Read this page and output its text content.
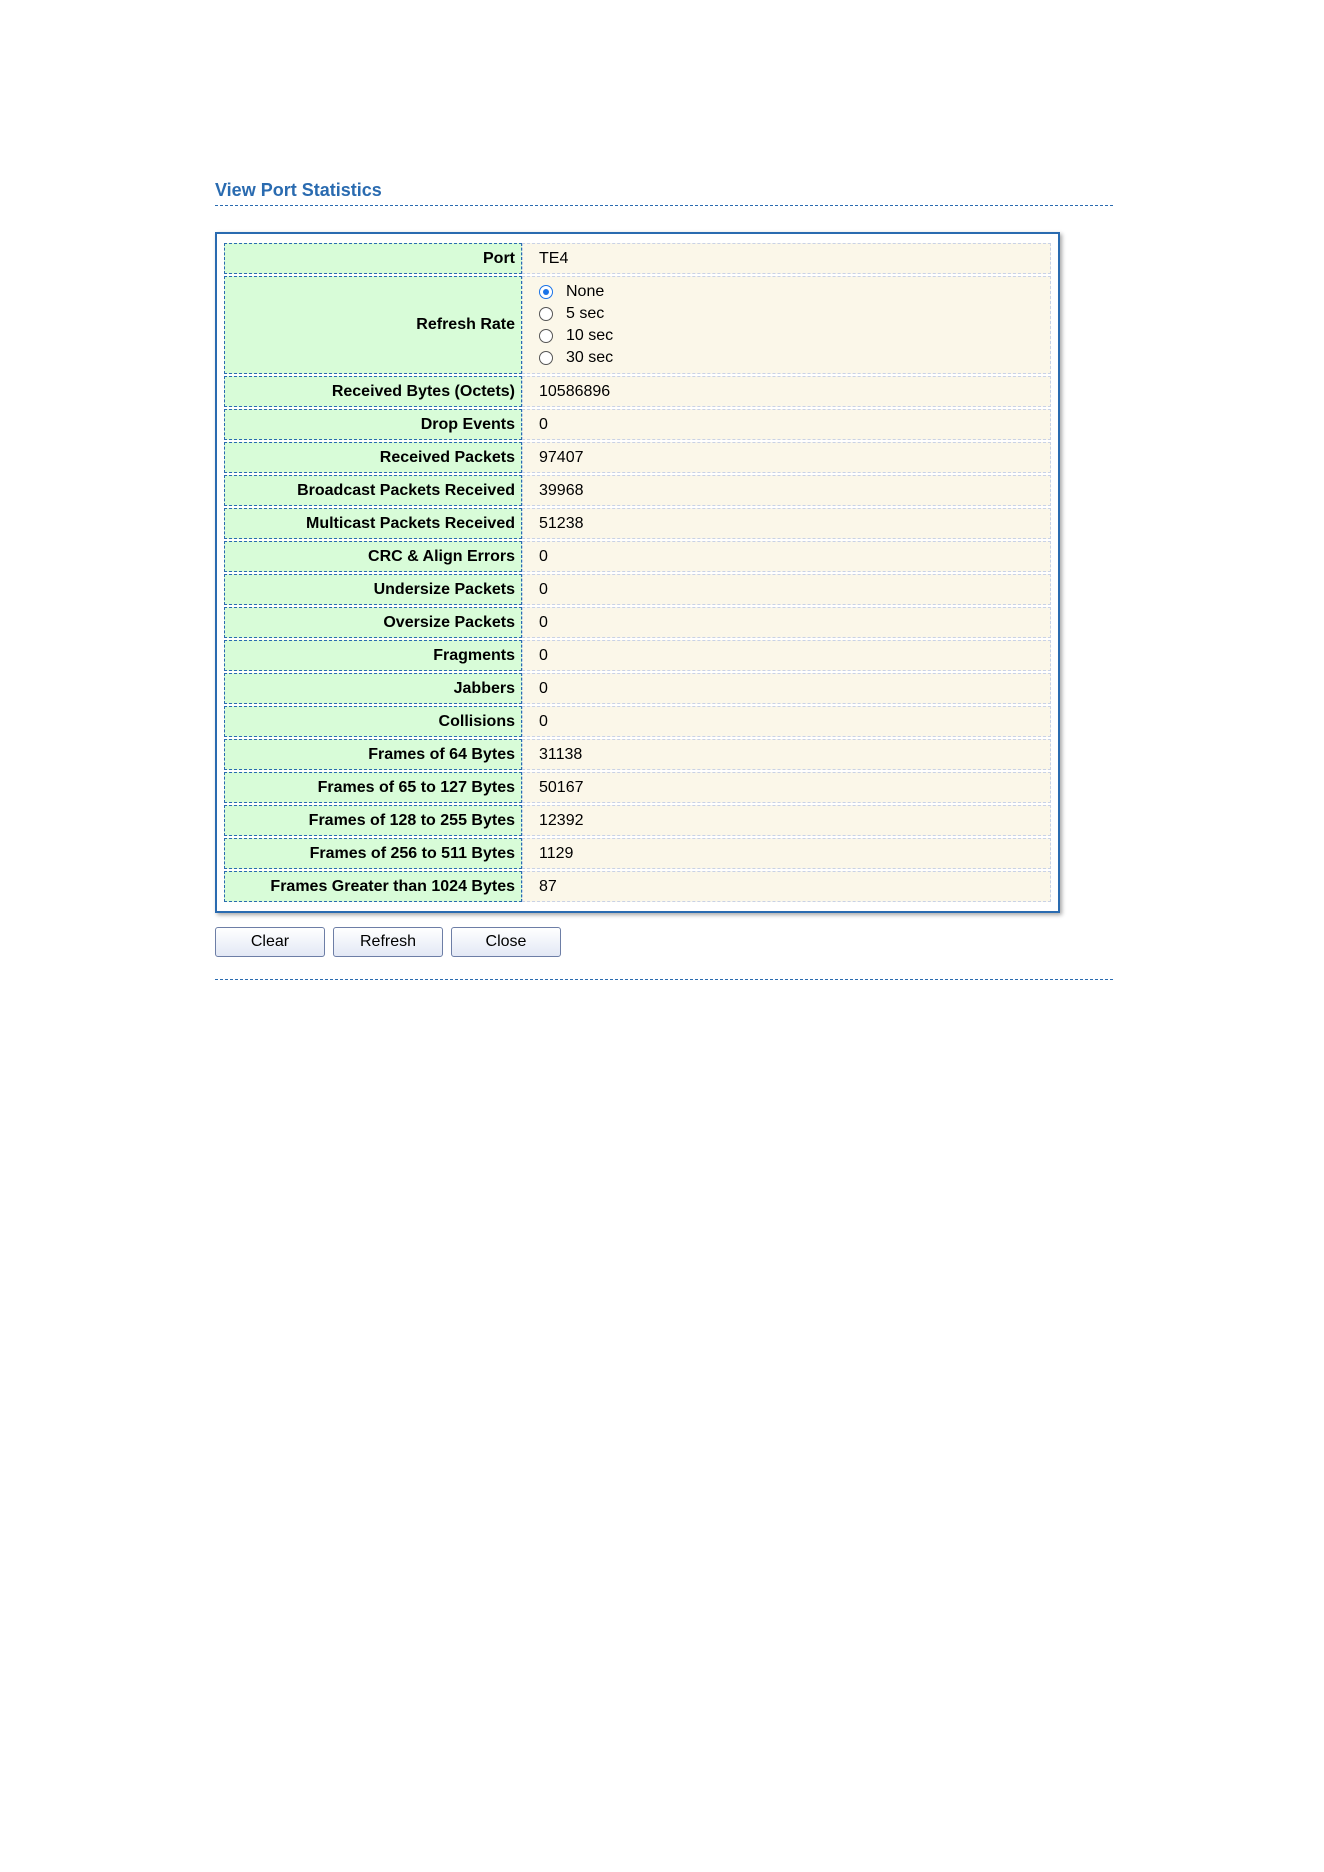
View Port Statistics
Port	TE4
Refresh Rate	None
5 sec
10 sec
30 sec

Received Bytes (Octets)	10586896
Drop Events	0
Received Packets	97407
Broadcast Packets Received	39968
Multicast Packets Received	51238
CRC & Align Errors	0
Undersize Packets	0
Oversize Packets	0
Fragments	0
Jabbers	0
Collisions	0
Frames of 64 Bytes	31138
Frames of 65 to 127 Bytes	50167
Frames of 128 to 255 Bytes	12392
Frames of 256 to 511 Bytes	1129
Frames Greater than 1024 Bytes	87
Clear	Refresh	Close
